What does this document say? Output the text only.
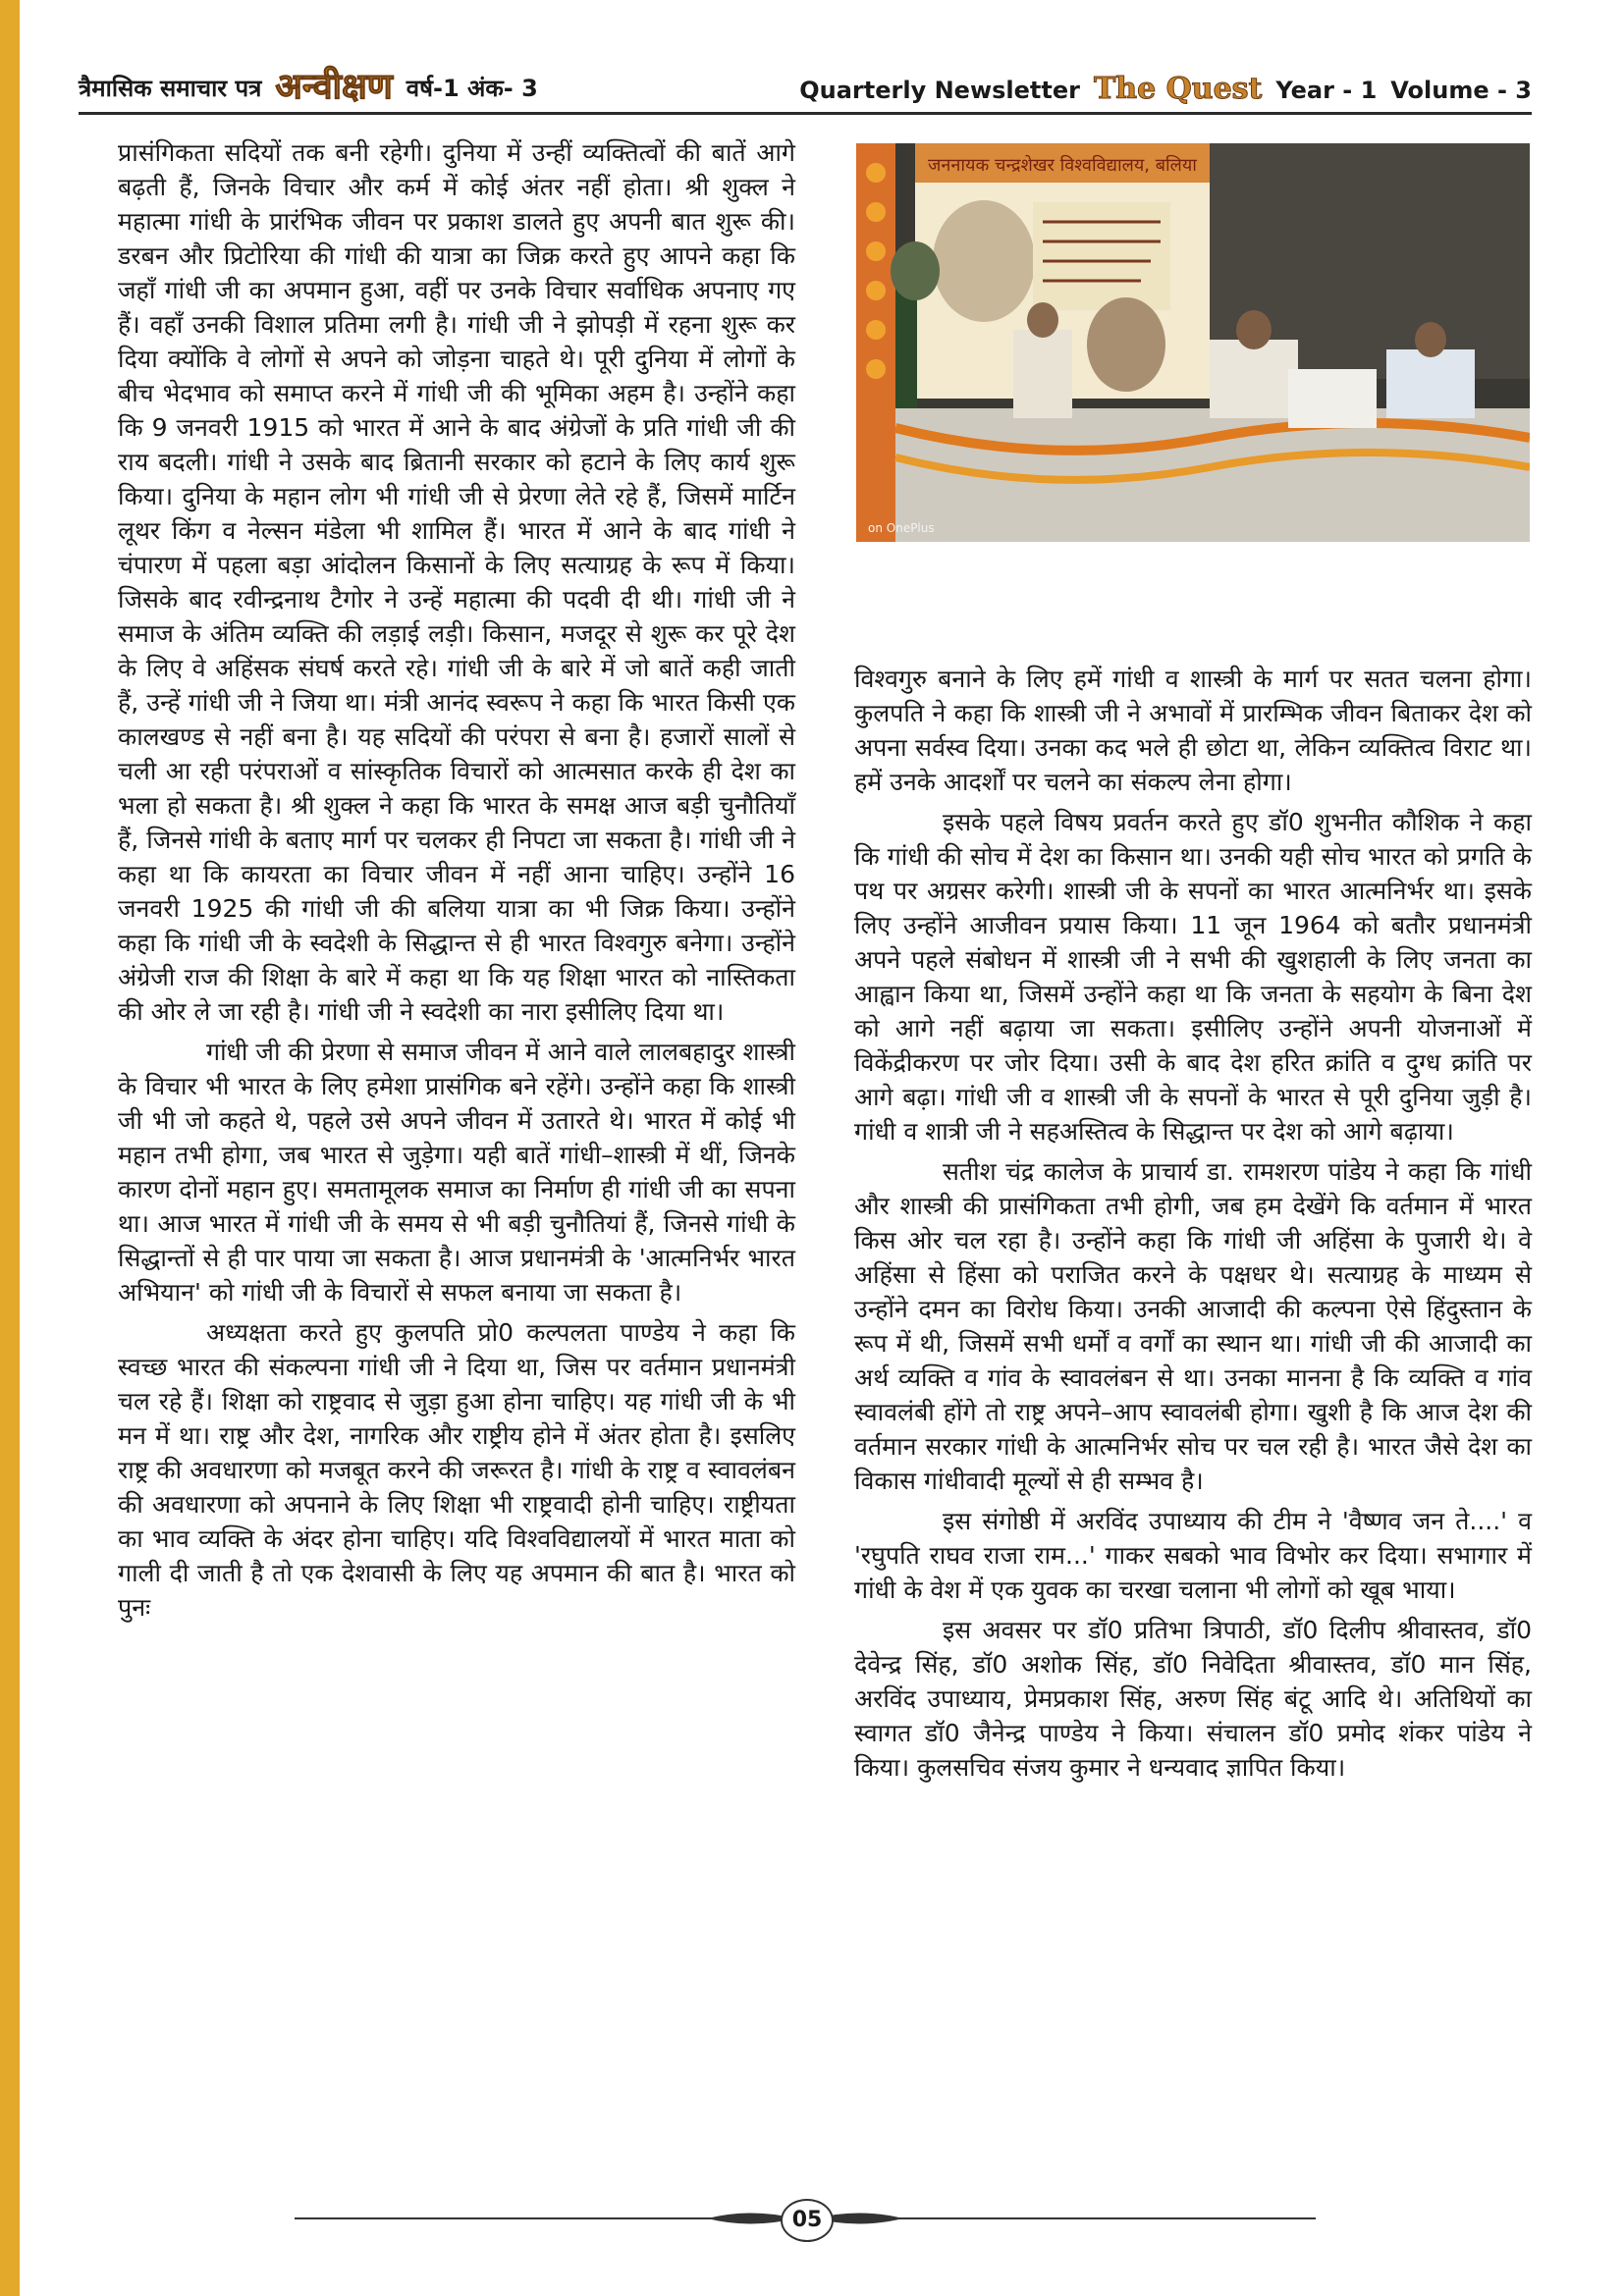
त्रैमासिक समाचार पत्र अन्वीक्षण वर्ष-1 अंक- 3	Quarterly Newsletter The Quest Year - 1 Volume - 3

प्रासंगिकता सदियों तक बनी रहेगी। दुनिया में उन्हीं व्यक्तित्वों की बातें आगे बढ़ती हैं, जिनके विचार और कर्म में कोई अंतर नहीं होता। श्री शुक्ल ने महात्मा गांधी के प्रारंभिक जीवन पर प्रकाश डालते हुए अपनी बात शुरू की। डरबन और प्रिटोरिया की गांधी की यात्रा का जिक्र करते हुए आपने कहा कि जहाँ गांधी जी का अपमान हुआ, वहीं पर उनके विचार सर्वाधिक अपनाए गए हैं। वहाँ उनकी विशाल प्रतिमा लगी है। गांधी जी ने झोपड़ी में रहना शुरू कर दिया क्योंकि वे लोगों से अपने को जोड़ना चाहते थे। पूरी दुनिया में लोगों के बीच भेदभाव को समाप्त करने में गांधी जी की भूमिका अहम है। उन्होंने कहा कि 9 जनवरी 1915 को भारत में आने के बाद अंग्रेजों के प्रति गांधी जी की राय बदली। गांधी ने उसके बाद ब्रितानी सरकार को हटाने के लिए कार्य शुरू किया। दुनिया के महान लोग भी गांधी जी से प्रेरणा लेते रहे हैं, जिसमें मार्टिन लूथर किंग व नेल्सन मंडेला भी शामिल हैं। भारत में आने के बाद गांधी ने चंपारण में पहला बड़ा आंदोलन किसानों के लिए सत्याग्रह के रूप में किया। जिसके बाद रवीन्द्रनाथ टैगोर ने उन्हें महात्मा की पदवी दी थी। गांधी जी ने समाज के अंतिम व्यक्ति की लड़ाई लड़ी। किसान, मजदूर से शुरू कर पूरे देश के लिए वे अहिंसक संघर्ष करते रहे। गांधी जी के बारे में जो बातें कही जाती हैं, उन्हें गांधी जी ने जिया था। मंत्री आनंद स्वरूप ने कहा कि भारत किसी एक कालखण्ड से नहीं बना है। यह सदियों की परंपरा से बना है। हजारों सालों से चली आ रही परंपराओं व सांस्कृतिक विचारों को आत्मसात करके ही देश का भला हो सकता है। श्री शुक्ल ने कहा कि भारत के समक्ष आज बड़ी चुनौतियाँ हैं, जिनसे गांधी के बताए मार्ग पर चलकर ही निपटा जा सकता है। गांधी जी ने कहा था कि कायरता का विचार जीवन में नहीं आना चाहिए। उन्होंने 16 जनवरी 1925 की गांधी जी की बलिया यात्रा का भी जिक्र किया। उन्होंने कहा कि गांधी जी के स्वदेशी के सिद्धान्त से ही भारत विश्वगुरु बनेगा। उन्होंने अंग्रेजी राज की शिक्षा के बारे में कहा था कि यह शिक्षा भारत को नास्तिकता की ओर ले जा रही है। गांधी जी ने स्वदेशी का नारा इसीलिए दिया था।

गांधी जी की प्रेरणा से समाज जीवन में आने वाले लालबहादुर शास्त्री के विचार भी भारत के लिए हमेशा प्रासंगिक बने रहेंगे। उन्होंने कहा कि शास्त्री जी भी जो कहते थे, पहले उसे अपने जीवन में उतारते थे। भारत में कोई भी महान तभी होगा, जब भारत से जुड़ेगा। यही बातें गांधी–शास्त्री में थीं, जिनके कारण दोनों महान हुए। समतामूलक समाज का निर्माण ही गांधी जी का सपना था। आज भारत में गांधी जी के समय से भी बड़ी चुनौतियां हैं, जिनसे गांधी के सिद्धान्तों से ही पार पाया जा सकता है। आज प्रधानमंत्री के 'आत्मनिर्भर भारत अभियान' को गांधी जी के विचारों से सफल बनाया जा सकता है।

अध्यक्षता करते हुए कुलपति प्रो0 कल्पलता पाण्डेय ने कहा कि स्वच्छ भारत की संकल्पना गांधी जी ने दिया था, जिस पर वर्तमान प्रधानमंत्री चल रहे हैं। शिक्षा को राष्ट्रवाद से जुड़ा हुआ होना चाहिए। यह गांधी जी के भी मन में था। राष्ट्र और देश, नागरिक और राष्ट्रीय होने में अंतर होता है। इसलिए राष्ट्र की अवधारणा को मजबूत करने की जरूरत है। गांधी के राष्ट्र व स्वावलंबन की अवधारणा को अपनाने के लिए शिक्षा भी राष्ट्रवादी होनी चाहिए। राष्ट्रीयता का भाव व्यक्ति के अंदर होना चाहिए। यदि विश्वविद्यालयों में भारत माता को गाली दी जाती है तो एक देशवासी के लिए यह अपमान की बात है। भारत को पुनः

जननायक चन्द्रशेखर विश्वविद्यालय, बलिया
on OnePlus

विश्वगुरु बनाने के लिए हमें गांधी व शास्त्री के मार्ग पर सतत चलना होगा। कुलपति ने कहा कि शास्त्री जी ने अभावों में प्रारम्भिक जीवन बिताकर देश को अपना सर्वस्व दिया। उनका कद भले ही छोटा था, लेकिन व्यक्तित्व विराट था। हमें उनके आदर्शों पर चलने का संकल्प लेना होगा।

इसके पहले विषय प्रवर्तन करते हुए डॉ0 शुभनीत कौशिक ने कहा कि गांधी की सोच में देश का किसान था। उनकी यही सोच भारत को प्रगति के पथ पर अग्रसर करेगी। शास्त्री जी के सपनों का भारत आत्मनिर्भर था। इसके लिए उन्होंने आजीवन प्रयास किया। 11 जून 1964 को बतौर प्रधानमंत्री अपने पहले संबोधन में शास्त्री जी ने सभी की खुशहाली के लिए जनता का आह्वान किया था, जिसमें उन्होंने कहा था कि जनता के सहयोग के बिना देश को आगे नहीं बढ़ाया जा सकता। इसीलिए उन्होंने अपनी योजनाओं में विकेंद्रीकरण पर जोर दिया। उसी के बाद देश हरित क्रांति व दुग्ध क्रांति पर आगे बढ़ा। गांधी जी व शास्त्री जी के सपनों के भारत से पूरी दुनिया जुड़ी है। गांधी व शात्री जी ने सहअस्तित्व के सिद्धान्त पर देश को आगे बढ़ाया।

सतीश चंद्र कालेज के प्राचार्य डा. रामशरण पांडेय ने कहा कि गांधी और शास्त्री की प्रासंगिकता तभी होगी, जब हम देखेंगे कि वर्तमान में भारत किस ओर चल रहा है। उन्होंने कहा कि गांधी जी अहिंसा के पुजारी थे। वे अहिंसा से हिंसा को पराजित करने के पक्षधर थे। सत्याग्रह के माध्यम से उन्होंने दमन का विरोध किया। उनकी आजादी की कल्पना ऐसे हिंदुस्तान के रूप में थी, जिसमें सभी धर्मों व वर्गों का स्थान था। गांधी जी की आजादी का अर्थ व्यक्ति व गांव के स्वावलंबन से था। उनका मानना है कि व्यक्ति व गांव स्वावलंबी होंगे तो राष्ट्र अपने–आप स्वावलंबी होगा। खुशी है कि आज देश की वर्तमान सरकार गांधी के आत्मनिर्भर सोच पर चल रही है। भारत जैसे देश का विकास गांधीवादी मूल्यों से ही सम्भव है।

इस संगोष्ठी में अरविंद उपाध्याय की टीम ने 'वैष्णव जन ते....' व 'रघुपति राघव राजा राम...' गाकर सबको भाव विभोर कर दिया। सभागार में गांधी के वेश में एक युवक का चरखा चलाना भी लोगों को खूब भाया।

इस अवसर पर डॉ0 प्रतिभा त्रिपाठी, डॉ0 दिलीप श्रीवास्तव, डॉ0 देवेन्द्र सिंह, डॉ0 अशोक सिंह, डॉ0 निवेदिता श्रीवास्तव, डॉ0 मान सिंह, अरविंद उपाध्याय, प्रेमप्रकाश सिंह, अरुण सिंह बंटू आदि थे। अतिथियों का स्वागत डॉ0 जैनेन्द्र पाण्डेय ने किया। संचालन डॉ0 प्रमोद शंकर पांडेय ने किया। कुलसचिव संजय कुमार ने धन्यवाद ज्ञापित किया।

05
